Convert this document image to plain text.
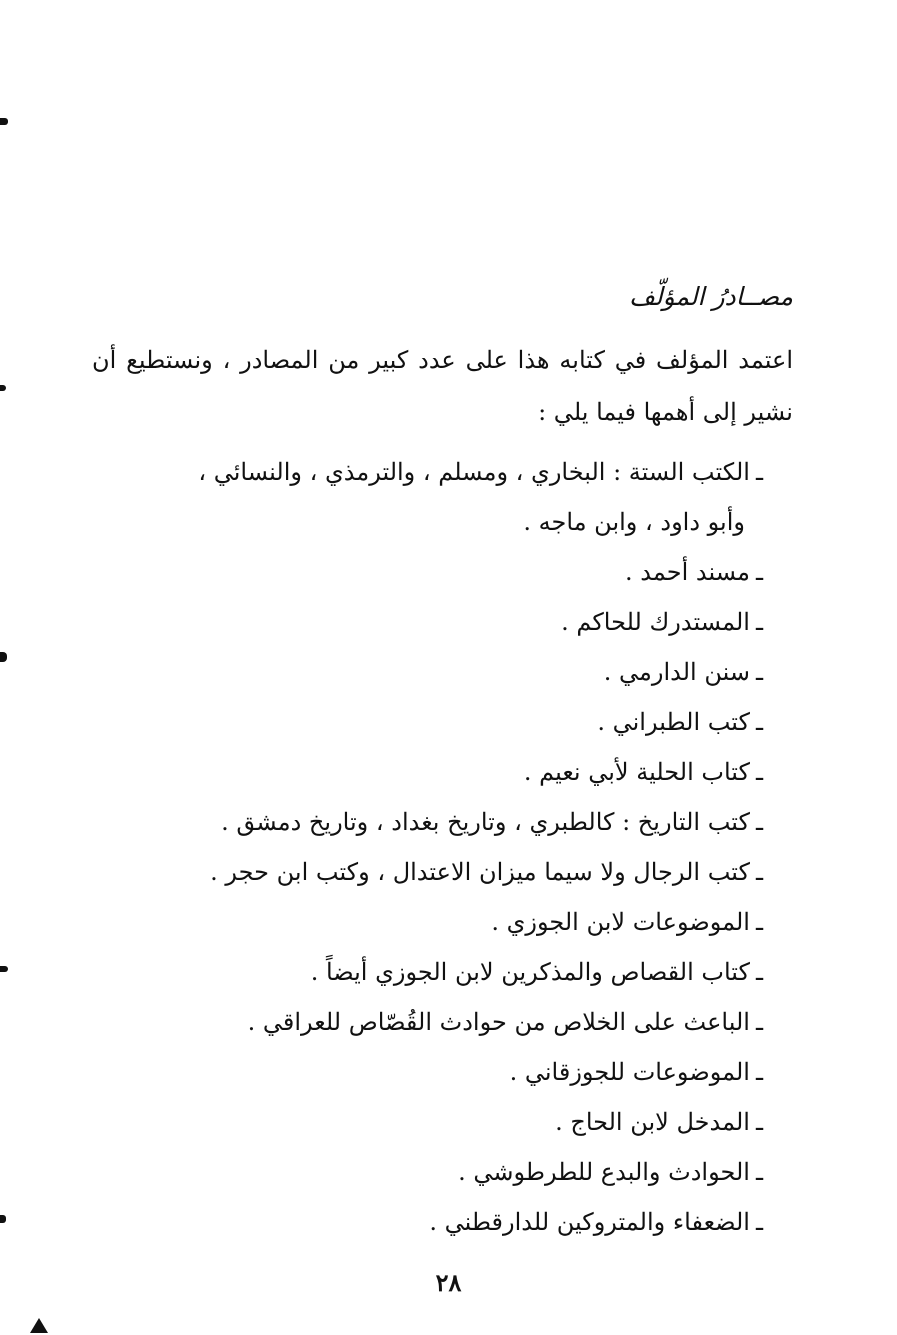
مصــادرُ المؤلّف
اعتمد المؤلف في كتابه هذا على عدد كبير من المصادر ، ونستطيع أن
نشير إلى أهمها فيما يلي :
ـالكتب الستة : البخاري ، ومسلم ، والترمذي ، والنسائي ،
وأبو داود ، وابن ماجه .
ـمسند أحمد .
ـالمستدرك للحاكم .
ـسنن الدارمي .
ـكتب الطبراني .
ـكتاب الحلية لأبي نعيم .
ـكتب التاريخ : كالطبري ، وتاريخ بغداد ، وتاريخ دمشق .
ـكتب الرجال ولا سيما ميزان الاعتدال ، وكتب ابن حجر .
ـالموضوعات لابن الجوزي .
ـكتاب القصاص والمذكرين لابن الجوزي أيضاً .
ـالباعث على الخلاص من حوادث القُصّاص للعراقي .
ـالموضوعات للجوزقاني .
ـالمدخل لابن الحاج .
ـالحوادث والبدع للطرطوشي .
ـالضعفاء والمتروكين للدارقطني .
٢٨
